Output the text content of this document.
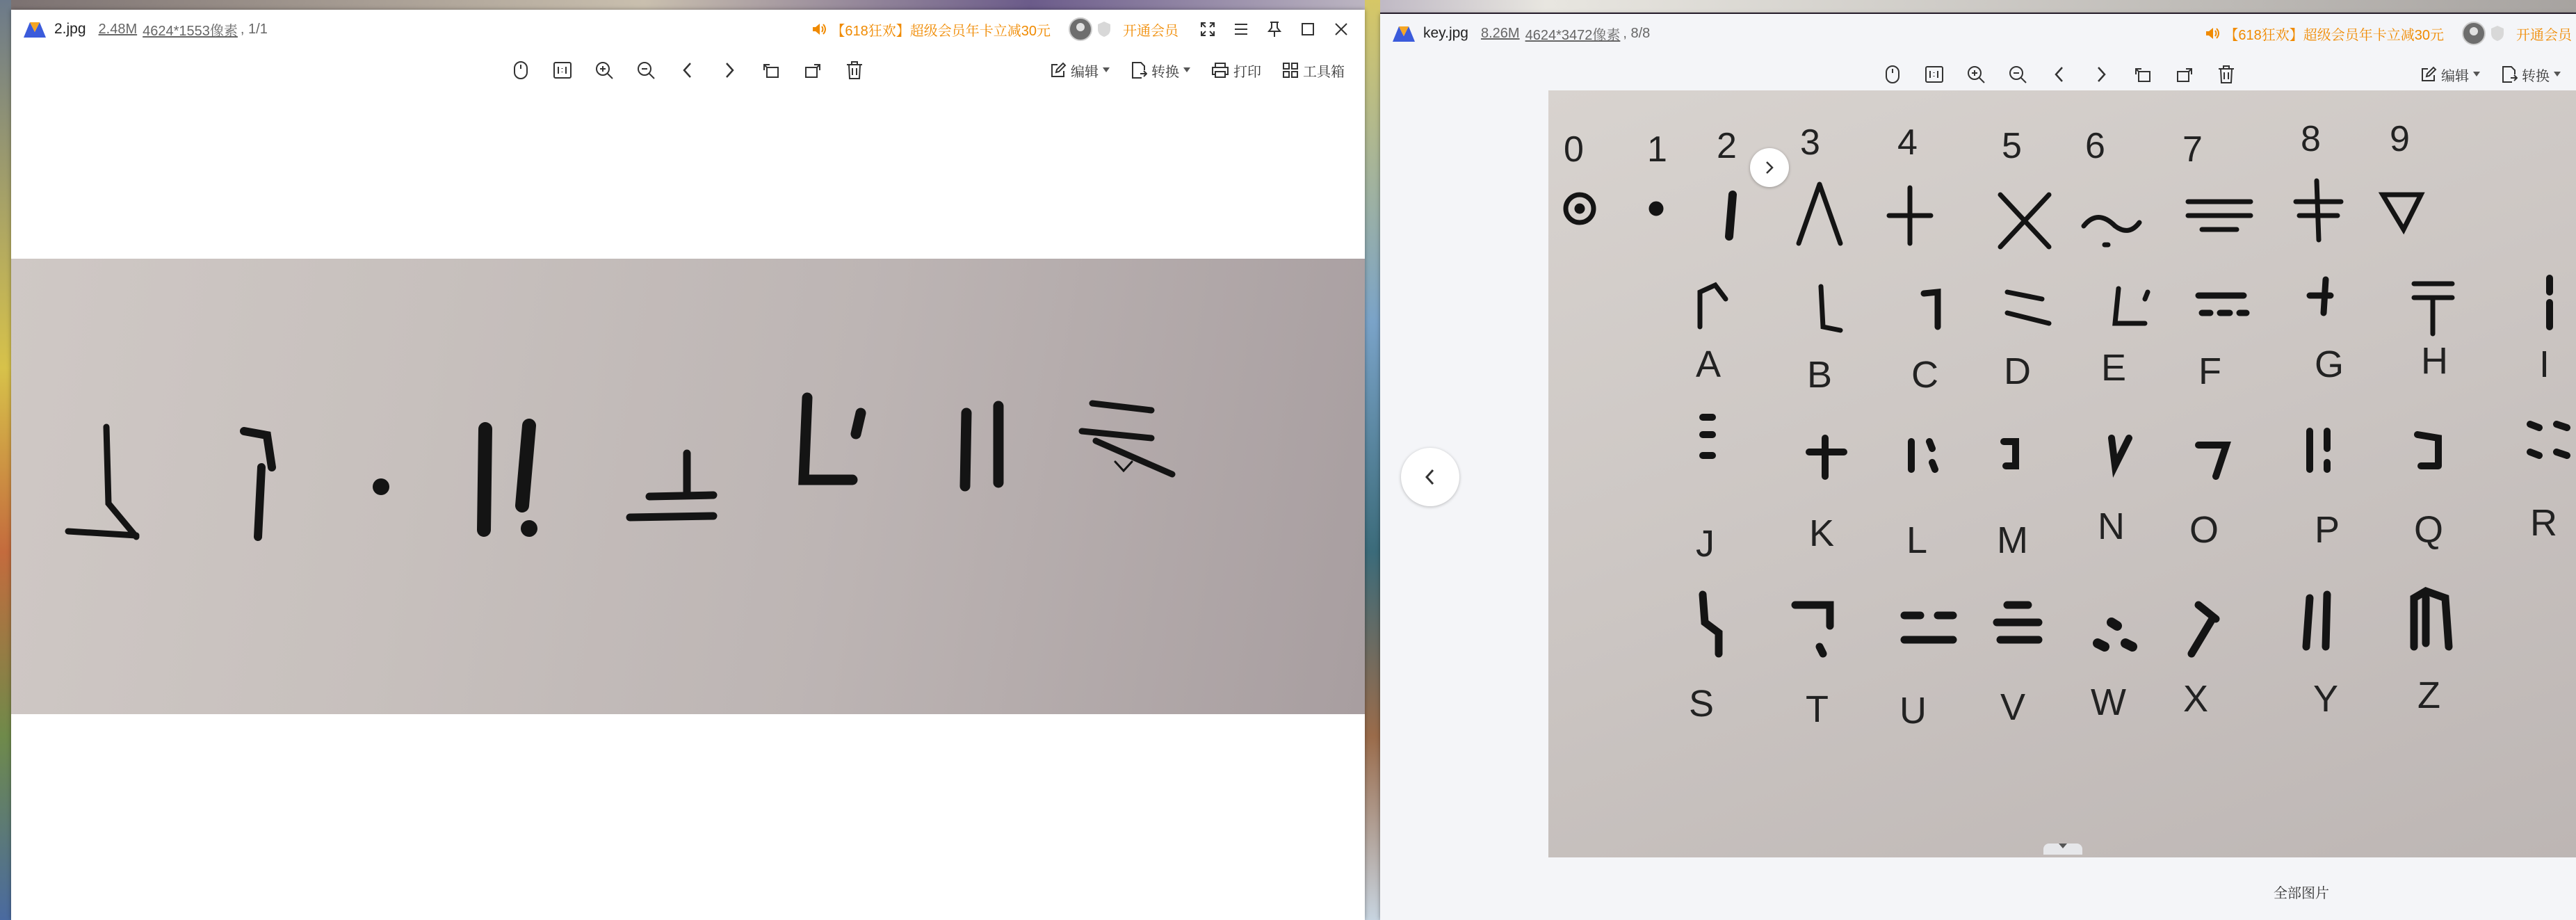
2.jpg 2.48M 4624*1553像素 , 1/1	【618狂欢】超级会员年卡立减30元	开通会员
编辑	转换	打印	工具箱
key.jpg 8.26M 4624*3472像素 , 8/8	【618狂欢】超级会员年卡立减30元	开通会员
编辑	转换
0 1 2 3 4 5 6 7	8 9
A B C D E F G H I
J	K L M N O	P Q R
S T U V W X	Y Z
全部图片
